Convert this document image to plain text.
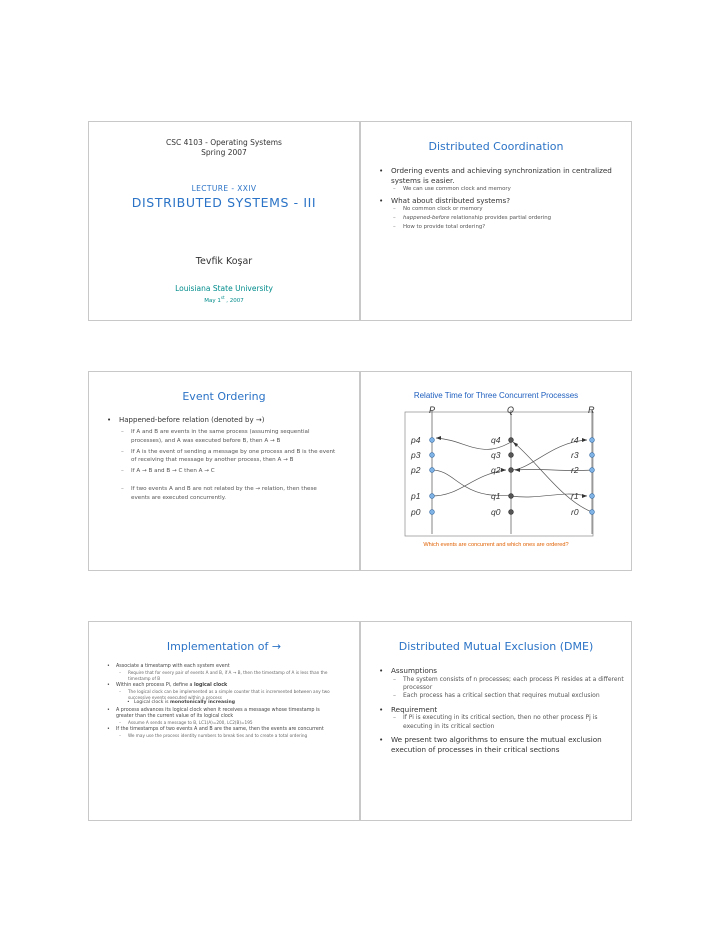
CSC 4103 - Operating Systems
Spring 2007
LECTURE - XXIV
DISTRIBUTED SYSTEMS - III
Tevfik Koşar
Louisiana State University
May 1st , 2007
Distributed Coordination
• Ordering events and achieving synchronization in centralized systems is easier.
– We can use common clock and memory
• What about distributed systems?
– No common clock or memory
– happened-before relationship provides partial ordering
– How to provide total ordering?
Event Ordering
• Happened-before relation (denoted by →)
– If A and B are events in the same process (assuming sequential processes), and A was executed before B, then A → B
– If A is the event of sending a message by one process and B is the event of receiving that message by another process, then A → B
– If A → B and B → C then A → C
– If two events A and B are not related by the → relation, then these events are executed concurrently.
Relative Time for Three Concurrent Processes
P	Q	R
p4
p3
p2
p1
p0
q4
q3
q2
q1
q0
r4
r3
r2
r1
r0
Which events are concurrent and which ones are ordered?
Implementation of →
• Associate a timestamp with each system event
– Require that for every pair of events A and B, if A → B, then the timestamp of A is less than the timestamp of B
• Within each process Pi, define a logical clock
– The logical clock can be implemented as a simple counter that is incremented between any two successive events executed within a process
• Logical clock is monotonically increasing
• A process advances its logical clock when it receives a message whose timestamp is greater than the current value of its logical clock
– Assume A sends a message to B, LC1(A)=200, LC2(B)=195
• If the timestamps of two events A and B are the same, then the events are concurrent
– We may use the process identity numbers to break ties and to create a total ordering
Distributed Mutual Exclusion (DME)
• Assumptions
– The system consists of n processes; each process Pi resides at a different processor
– Each process has a critical section that requires mutual exclusion
• Requirement
– If Pi is executing in its critical section, then no other process Pj is executing in its critical section
• We present two algorithms to ensure the mutual exclusion execution of processes in their critical sections
